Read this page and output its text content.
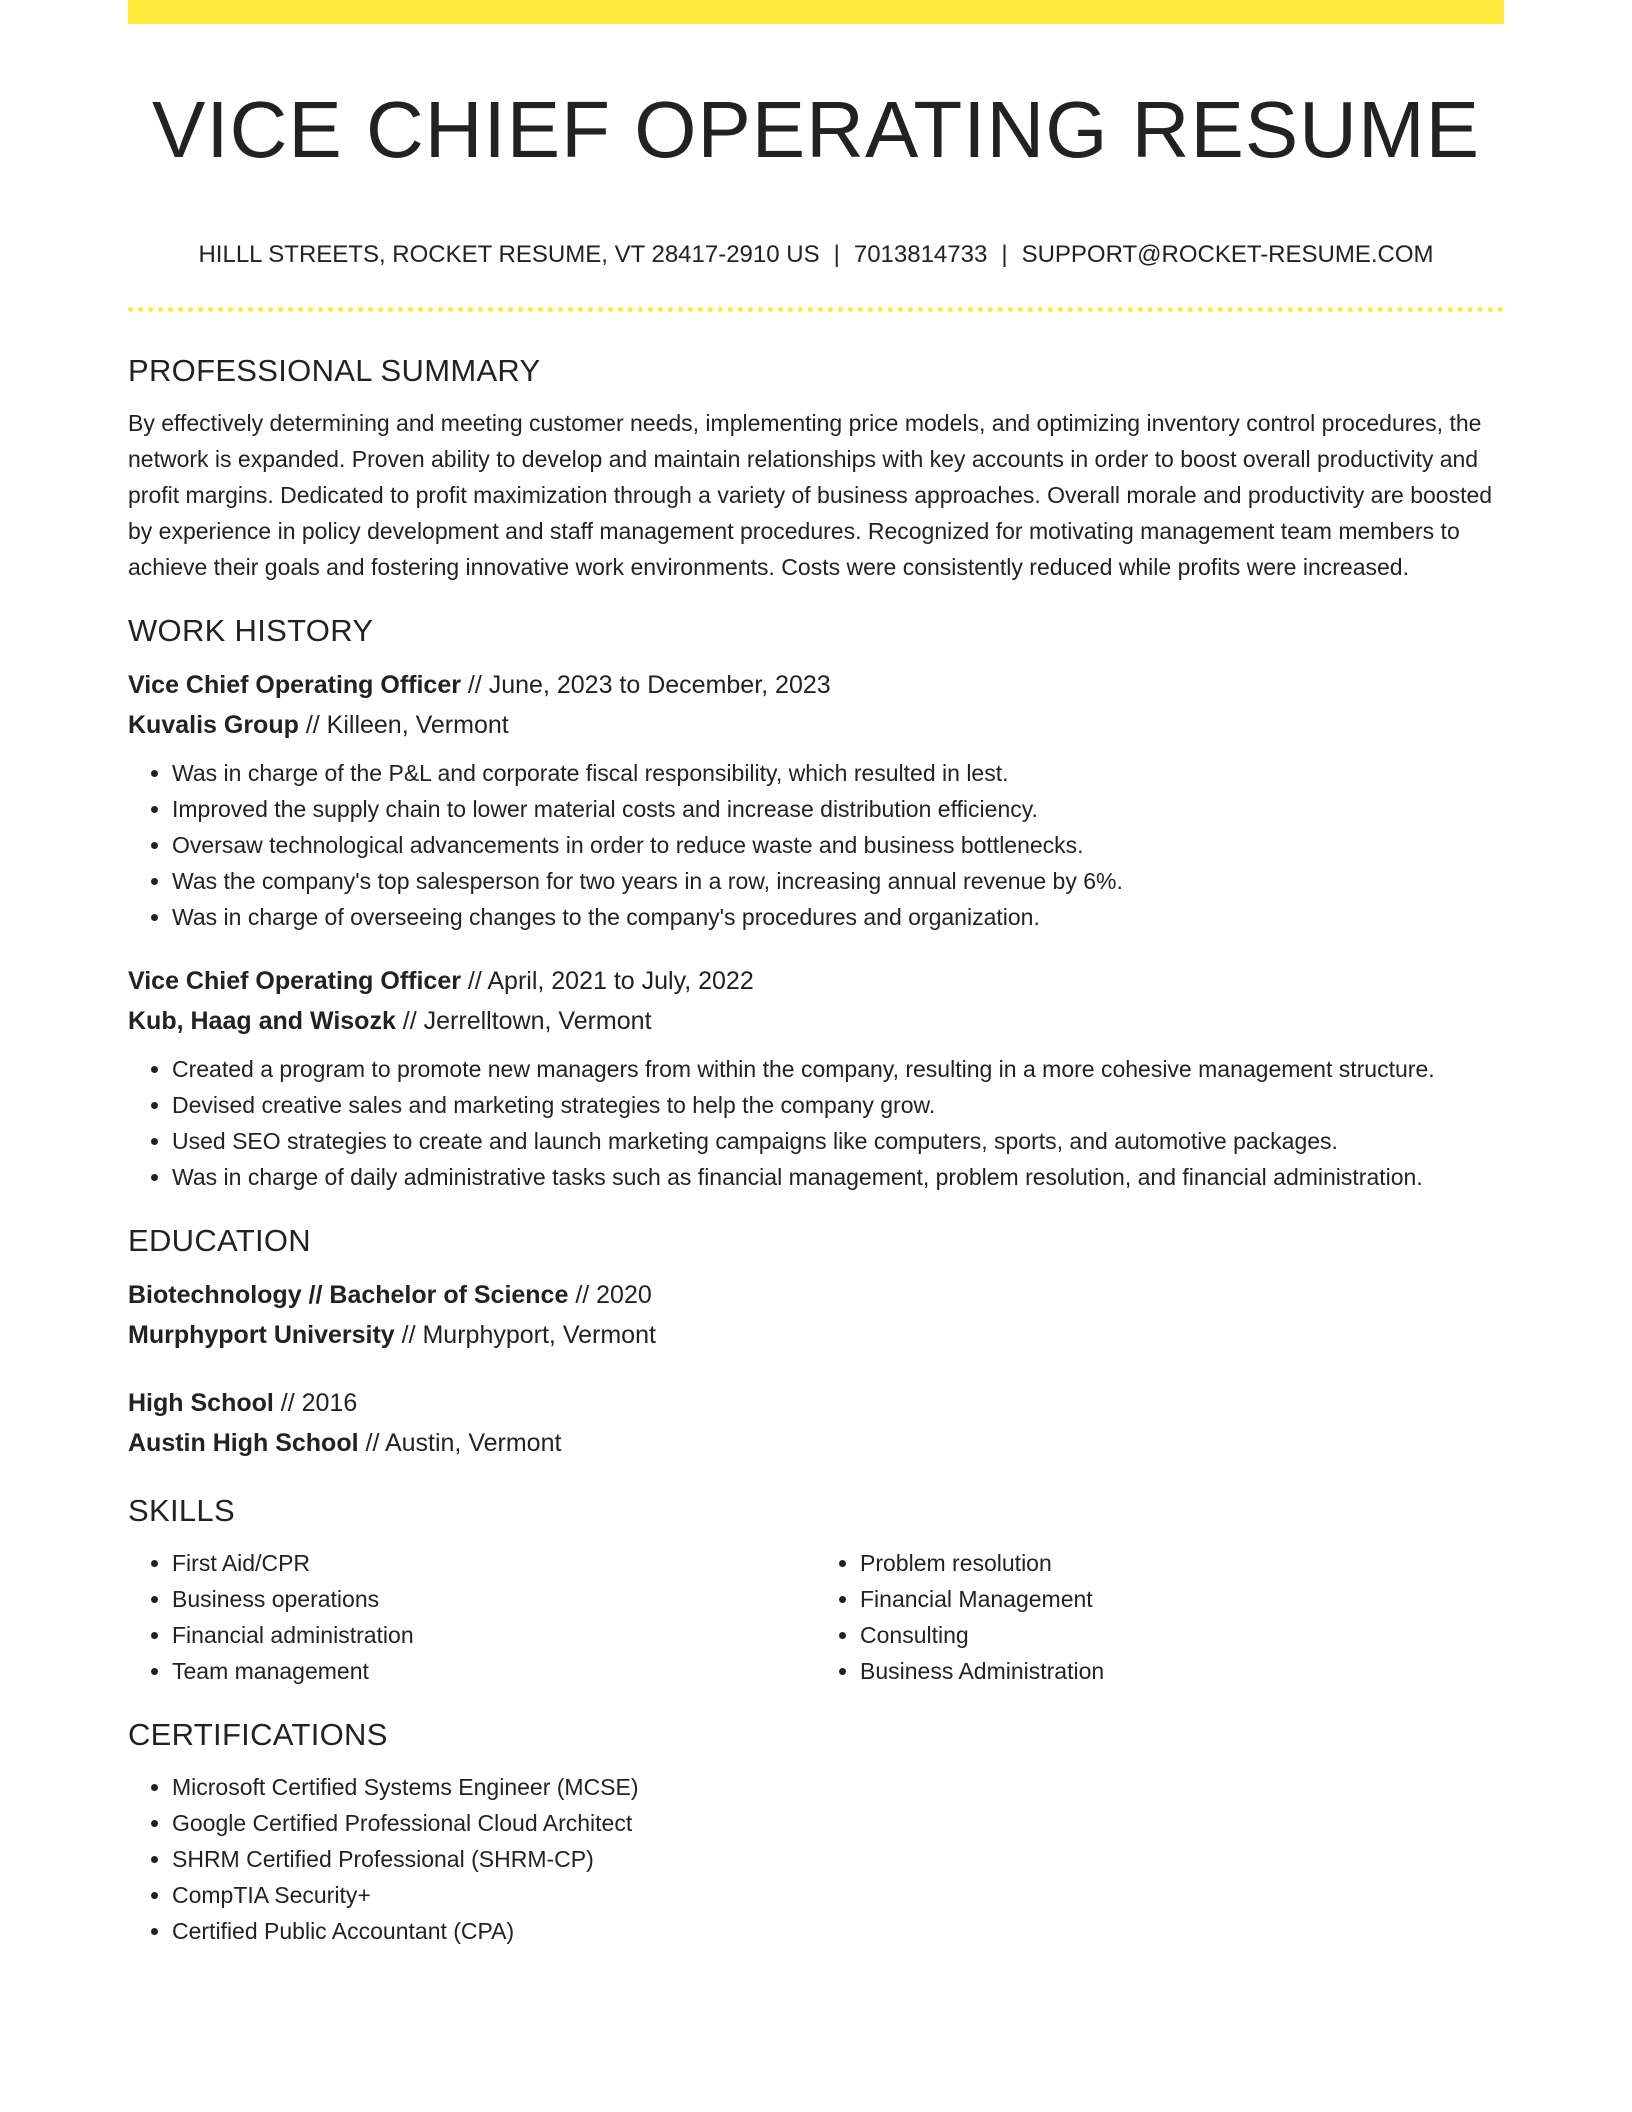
VICE CHIEF OPERATING RESUME
HILLL STREETS, ROCKET RESUME, VT 28417-2910 US | 7013814733 | SUPPORT@ROCKET-RESUME.COM
PROFESSIONAL SUMMARY

By effectively determining and meeting customer needs, implementing price models, and optimizing inventory control procedures, the network is expanded. Proven ability to develop and maintain relationships with key accounts in order to boost overall productivity and profit margins. Dedicated to profit maximization through a variety of business approaches. Overall morale and productivity are boosted by experience in policy development and staff management procedures. Recognized for motivating management team members to achieve their goals and fostering innovative work environments. Costs were consistently reduced while profits were increased.

WORK HISTORY
Vice Chief Operating Officer // June, 2023 to December, 2023
Kuvalis Group // Killeen, Vermont
• Was in charge of the P&L and corporate fiscal responsibility, which resulted in lest.
• Improved the supply chain to lower material costs and increase distribution efficiency.
• Oversaw technological advancements in order to reduce waste and business bottlenecks.
• Was the company's top salesperson for two years in a row, increasing annual revenue by 6%.
• Was in charge of overseeing changes to the company's procedures and organization.
Vice Chief Operating Officer // April, 2021 to July, 2022
Kub, Haag and Wisozk // Jerrelltown, Vermont
• Created a program to promote new managers from within the company, resulting in a more cohesive management structure.
• Devised creative sales and marketing strategies to help the company grow.
• Used SEO strategies to create and launch marketing campaigns like computers, sports, and automotive packages.
• Was in charge of daily administrative tasks such as financial management, problem resolution, and financial administration.
EDUCATION
Biotechnology // Bachelor of Science // 2020
Murphyport University // Murphyport, Vermont
High School // 2016
Austin High School // Austin, Vermont
SKILLS
• First Aid/CPR
• Business operations
• Financial administration
• Team management
• Problem resolution
• Financial Management
• Consulting
• Business Administration
CERTIFICATIONS
• Microsoft Certified Systems Engineer (MCSE)
• Google Certified Professional Cloud Architect
• SHRM Certified Professional (SHRM-CP)
• CompTIA Security+
• Certified Public Accountant (CPA)
